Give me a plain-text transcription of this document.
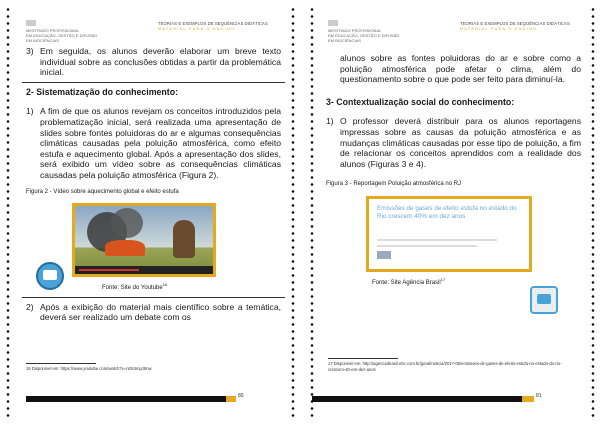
MESTRADO PROFISSIONAL
EM EDUCAÇÃO, GESTÃO E DIFUSÃO
EM BIOCIÊNCIAS
TEORIAS E EXEMPLOS DE SEQUÊNCIAS DIDÁTICAS
MATERIAL PARA O ENSINO
3) Em seguida, os alunos deverão elaborar um breve texto individual sobre as conclusões obtidas a partir da problemática inicial.

2- Sistematização do conhecimento:

1) A fim de que os alunos revejam os conceitos introduzidos pela problematização inicial, será realizada uma apresentação de slides sobre fontes poluidoras do ar e algumas consequências climáticas causadas pela poluição atmosférica, como efeito estufa e aquecimento global. Após a apresentação dos slides, será exibido um vídeo sobre as consequências climáticas causadas pela poluição atmosférica (Figura 2).
Figura 2 - Vídeo sobre aquecimento global e efeito estufa
Fonte: Site do Youtube$^{16}$
2) Após a exibição do material mais científico sobre a temática, deverá ser realizado um debate com os
16 Disponível em: https://www.youtube.com/watch?v=n0S4mpJ5nw
80
MESTRADO PROFISSIONAL
EM EDUCAÇÃO, GESTÃO E DIFUSÃO
EM BIOCIÊNCIAS
TEORIAS E EXEMPLOS DE SEQUÊNCIAS DIDÁTICAS
MATERIAL PARA O ENSINO
alunos sobre as fontes poluidoras do ar e sobre como a poluição atmosférica pode afetar o clima, além do questionamento sobre o que pode ser feito para diminuí-la.

3- Contextualização social do conhecimento:

1) O professor deverá distribuir para os alunos reportagens impressas sobre as causas da poluição atmosférica e as mudanças climáticas causadas por esse tipo de poluição, a fim de relacionar os conceitos aprendidos com a realidade dos alunos (Figuras 3 e 4).
Figura 3 - Reportagem Poluição atmosférica no RJ
Emissões de gases de efeito estufa no estado do Rio crescem 40% em dez anos
Fonte: Site Agência Brasil$^{17}$
17 Disponível em: http://agenciabrasil.ebc.com.br/geral/noticia/2017-06/emissoes-de-gases-de-efeito-estufa-no-estado-do-rio-crescem-40-em-dez-anos
81
